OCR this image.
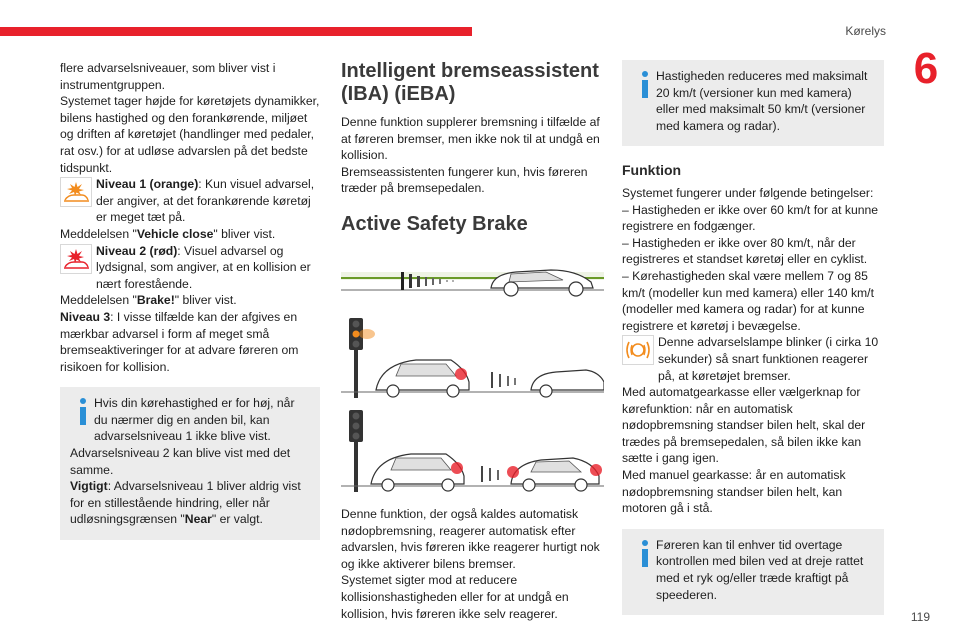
Kørelys
6
119

flere advarselsniveauer, som bliver vist i instrumentgruppen.

Systemet tager højde for køretøjets dynamikker, bilens hastighed og den forankørende, miljøet og driften af køretøjet (handlinger med pedaler, rat osv.) for at udløse advarslen på det bedste tidspunkt.

Niveau 1 (orange): Kun visuel advarsel, der angiver, at det forankørende køretøj er meget tæt på.

Meddelelsen "Vehicle close" bliver vist.

Niveau 2 (rød): Visuel advarsel og lydsignal, som angiver, at en kollision er nært forestående.

Meddelelsen "Brake!" bliver vist.

Niveau 3: I visse tilfælde kan der afgives en mærkbar advarsel i form af meget små bremseaktiveringer for at advare føreren om risikoen for kollision.

Hvis din kørehastighed er for høj, når du nærmer dig en anden bil, kan advarselsniveau 1 ikke blive vist.

Advarselsniveau 2 kan blive vist med det samme.

Vigtigt: Advarselsniveau 1 bliver aldrig vist for en stillestående hindring, eller når udløsningsgrænsen "Near" er valgt.

Intelligent bremseassistent (IBA) (iEBA)

Denne funktion supplerer bremsning i tilfælde af at føreren bremser, men ikke nok til at undgå en kollision.

Bremseassistenten fungerer kun, hvis føreren træder på bremsepedalen.

Active Safety Brake

Denne funktion, der også kaldes automatisk nødopbremsning, reagerer automatisk efter advarslen, hvis føreren ikke reagerer hurtigt nok og ikke aktiverer bilens bremser.

Systemet sigter mod at reducere kollisionshastigheden eller for at undgå en kollision, hvis føreren ikke selv reagerer.

Hastigheden reduceres med maksimalt 20 km/t (versioner kun med kamera) eller med maksimalt 50 km/t (versioner med kamera og radar).

Funktion

Systemet fungerer under følgende betingelser:

– Hastigheden er ikke over 60 km/t for at kunne registrere en fodgænger.

– Hastigheden er ikke over 80 km/t, når der registreres et standset køretøj eller en cyklist.

– Kørehastigheden skal være mellem 7 og 85 km/t (modeller kun med kamera) eller 140 km/t (modeller med kamera og radar) for at kunne registrere et køretøj i bevægelse.

Denne advarselslampe blinker (i cirka 10 sekunder) så snart funktionen reagerer på, at køretøjet bremser.

Med automatgearkasse eller vælgerknap for kørefunktion: når en automatisk nødopbremsning standser bilen helt, skal der trædes på bremsepedalen, så bilen ikke kan sætte i gang igen.

Med manuel gearkasse: år en automatisk nødopbremsning standser bilen helt, kan motoren gå i stå.

Føreren kan til enhver tid overtage kontrollen med bilen ved at dreje rattet med et ryk og/eller træde kraftigt på speederen.
